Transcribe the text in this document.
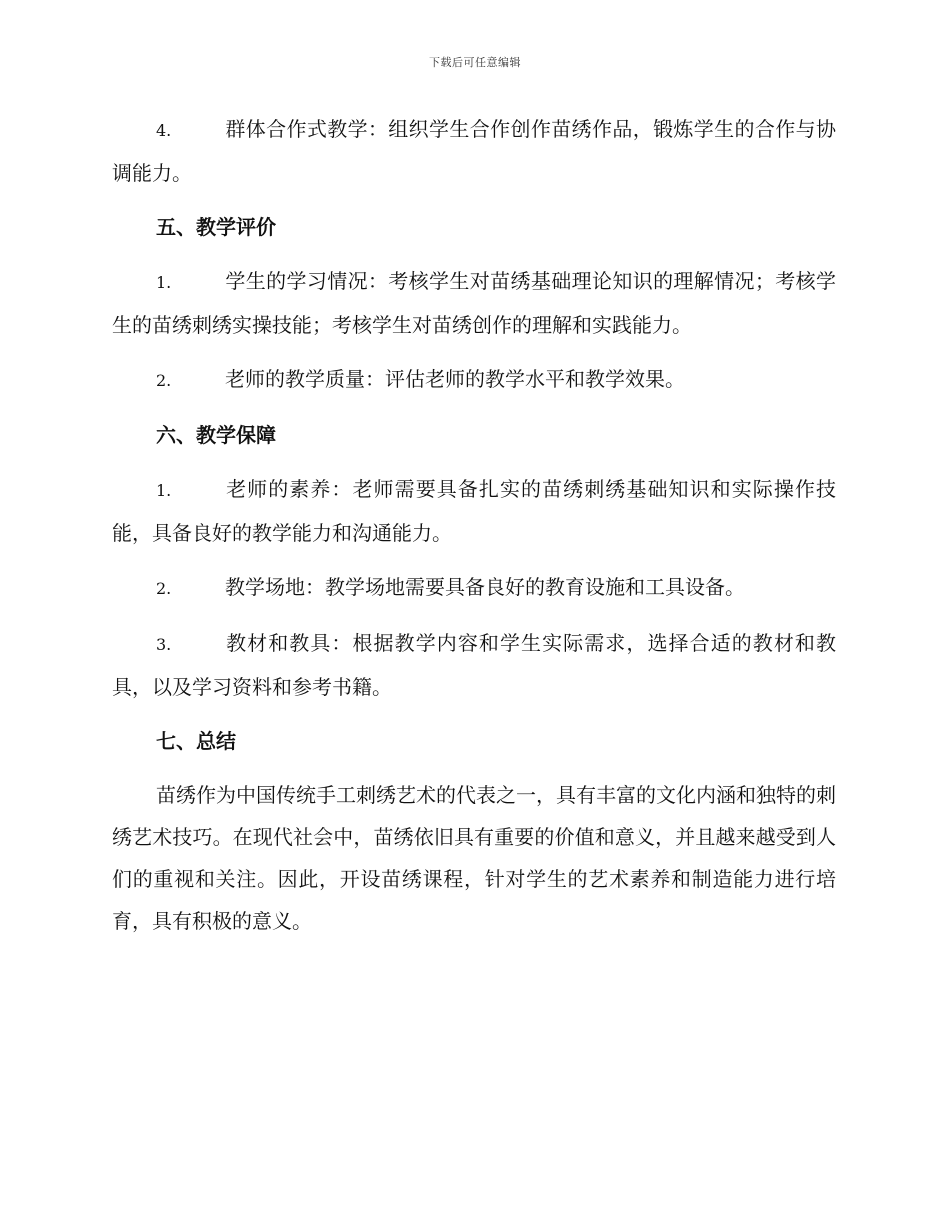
下载后可任意编辑

4.	群体合作式教学：组织学生合作创作苗绣作品，锻炼学生的合作与协调能力。

五、教学评价

1.	学生的学习情况：考核学生对苗绣基础理论知识的理解情况；考核学生的苗绣刺绣实操技能；考核学生对苗绣创作的理解和实践能力。

2.	老师的教学质量：评估老师的教学水平和教学效果。

六、教学保障

1.	老师的素养：老师需要具备扎实的苗绣刺绣基础知识和实际操作技能，具备良好的教学能力和沟通能力。

2.	教学场地：教学场地需要具备良好的教育设施和工具设备。

3.	教材和教具：根据教学内容和学生实际需求，选择合适的教材和教具，以及学习资料和参考书籍。

七、总结

苗绣作为中国传统手工刺绣艺术的代表之一，具有丰富的文化内涵和独特的刺绣艺术技巧。在现代社会中，苗绣依旧具有重要的价值和意义，并且越来越受到人们的重视和关注。因此，开设苗绣课程，针对学生的艺术素养和制造能力进行培育，具有积极的意义。
